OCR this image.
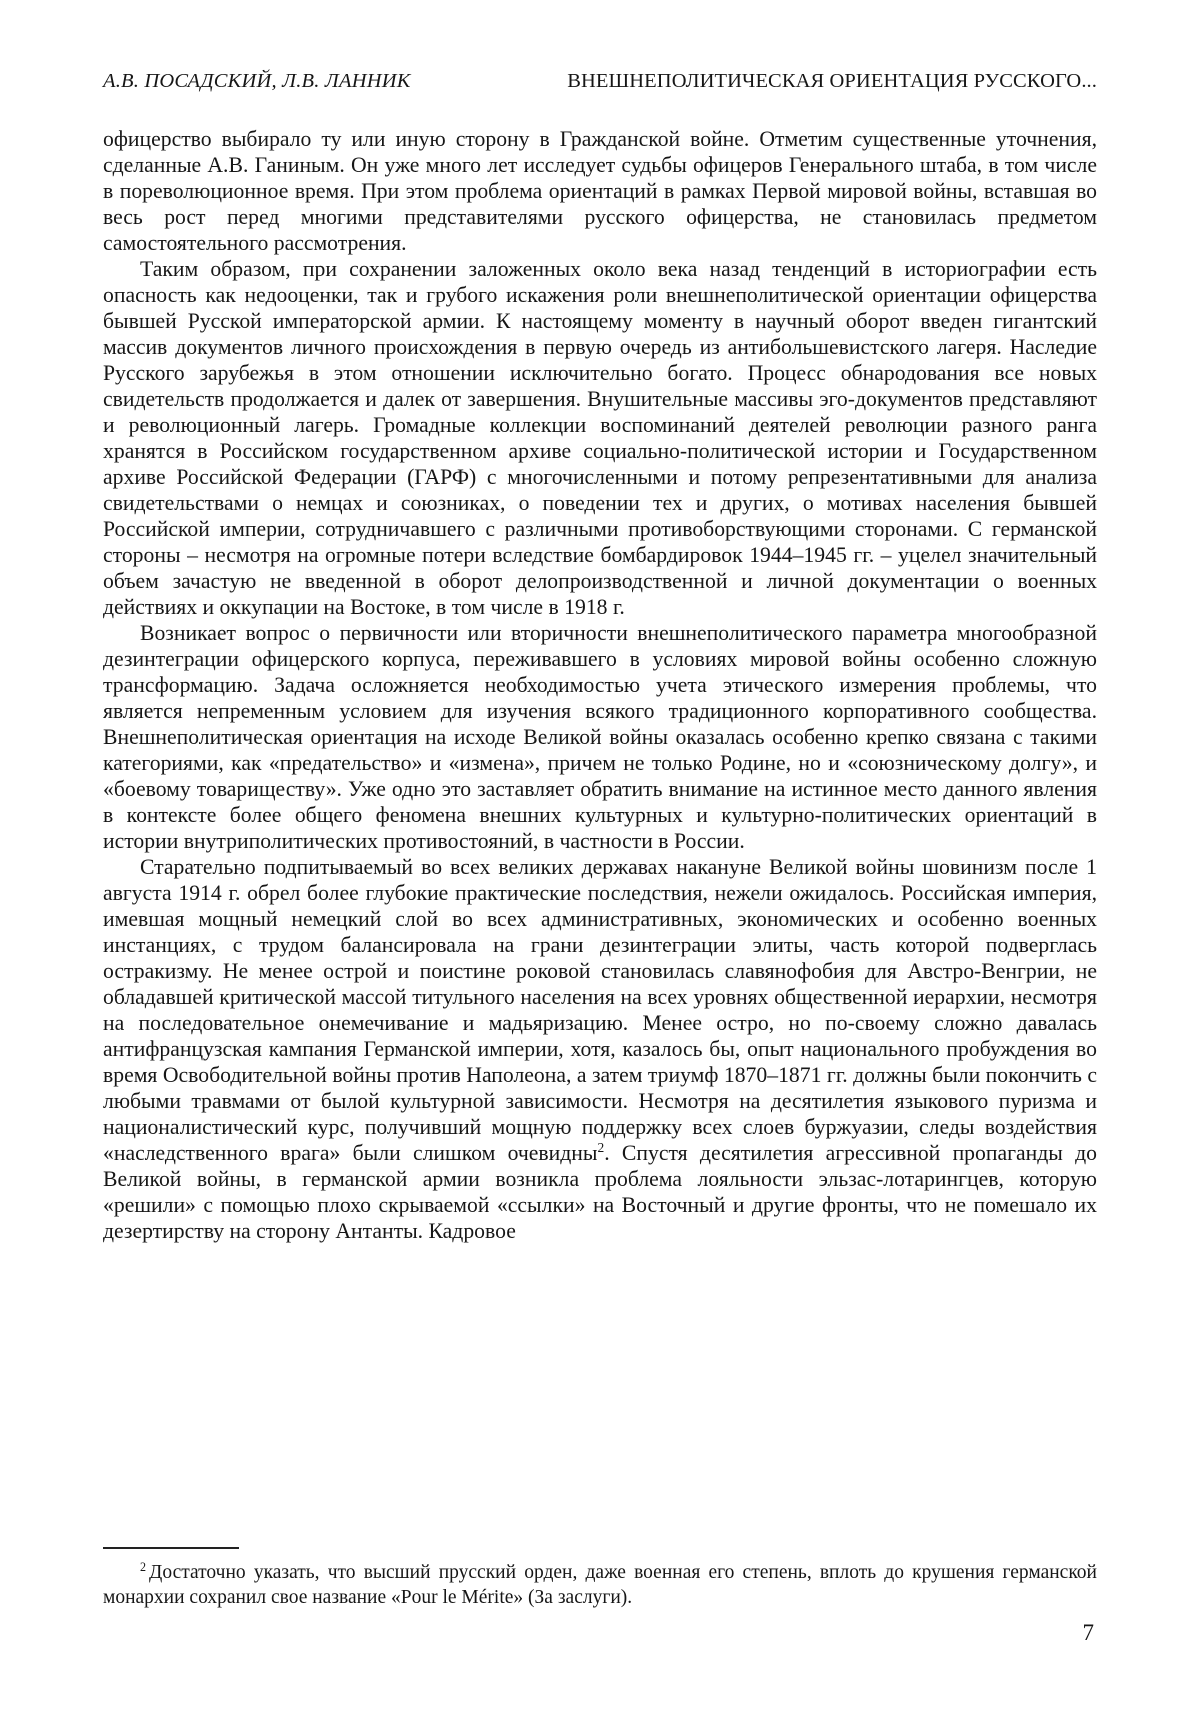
А.В. ПОСАДСКИЙ, Л.В. ЛАННИК	ВНЕШНЕПОЛИТИЧЕСКАЯ ОРИЕНТАЦИЯ РУССКОГО...

офицерство выбирало ту или иную сторону в Гражданской войне. Отметим существенные уточнения, сделанные А.В. Ганиным. Он уже много лет исследует судьбы офицеров Генерального штаба, в том числе в пореволюционное время. При этом проблема ориентаций в рамках Первой мировой войны, вставшая во весь рост перед многими представителями русского офицерства, не становилась предметом самостоятельного рассмотрения.

Таким образом, при сохранении заложенных около века назад тенденций в историографии есть опасность как недооценки, так и грубого искажения роли внешнеполитической ориентации офицерства бывшей Русской императорской армии. К настоящему моменту в научный оборот введен гигантский массив документов личного происхождения в первую очередь из антибольшевистского лагеря. Наследие Русского зарубежья в этом отношении исключительно богато. Процесс обнародования все новых свидетельств продолжается и далек от завершения. Внушительные массивы эго-документов представляют и революционный лагерь. Громадные коллекции воспоминаний деятелей революции разного ранга хранятся в Российском государственном архиве социально-политической истории и Государственном архиве Российской Федерации (ГАРФ) с многочисленными и потому репрезентативными для анализа свидетельствами о немцах и союзниках, о поведении тех и других, о мотивах населения бывшей Российской империи, сотрудничавшего с различными противоборствующими сторонами. С германской стороны – несмотря на огромные потери вследствие бомбардировок 1944–1945 гг. – уцелел значительный объем зачастую не введенной в оборот делопроизводственной и личной документации о военных действиях и оккупации на Востоке, в том числе в 1918 г.

Возникает вопрос о первичности или вторичности внешнеполитического параметра многообразной дезинтеграции офицерского корпуса, переживавшего в условиях мировой войны особенно сложную трансформацию. Задача осложняется необходимостью учета этического измерения проблемы, что является непременным условием для изучения всякого традиционного корпоративного сообщества. Внешнеполитическая ориентация на исходе Великой войны оказалась особенно крепко связана с такими категориями, как «предательство» и «измена», причем не только Родине, но и «союзническому долгу», и «боевому товариществу». Уже одно это заставляет обратить внимание на истинное место данного явления в контексте более общего феномена внешних культурных и культурно-политических ориентаций в истории внутриполитических противостояний, в частности в России.

Старательно подпитываемый во всех великих державах накануне Великой войны шовинизм после 1 августа 1914 г. обрел более глубокие практические последствия, нежели ожидалось. Российская империя, имевшая мощный немецкий слой во всех административных, экономических и особенно военных инстанциях, с трудом балансировала на грани дезинтеграции элиты, часть которой подверглась остракизму. Не менее острой и поистине роковой становилась славянофобия для Австро-Венгрии, не обладавшей критической массой титульного населения на всех уровнях общественной иерархии, несмотря на последовательное онемечивание и мадьяризацию. Менее остро, но по-своему сложно давалась антифранцузская кампания Германской империи, хотя, казалось бы, опыт национального пробуждения во время Освободительной войны против Наполеона, а затем триумф 1870–1871 гг. должны были покончить с любыми травмами от былой культурной зависимости. Несмотря на десятилетия языкового пуризма и националистический курс, получивший мощную поддержку всех слоев буржуазии, следы воздействия «наследственного врага» были слишком очевидны$^2$. Спустя десятилетия агрессивной пропаганды до Великой войны, в германской армии возникла проблема лояльности эльзас-лотарингцев, которую «решили» с помощью плохо скрываемой «ссылки» на Восточный и другие фронты, что не помешало их дезертирству на сторону Антанты. Кадровое

$^2$ Достаточно указать, что высший прусский орден, даже военная его степень, вплоть до крушения германской монархии сохранил свое название «Pour le Mérite» (За заслуги).
7
